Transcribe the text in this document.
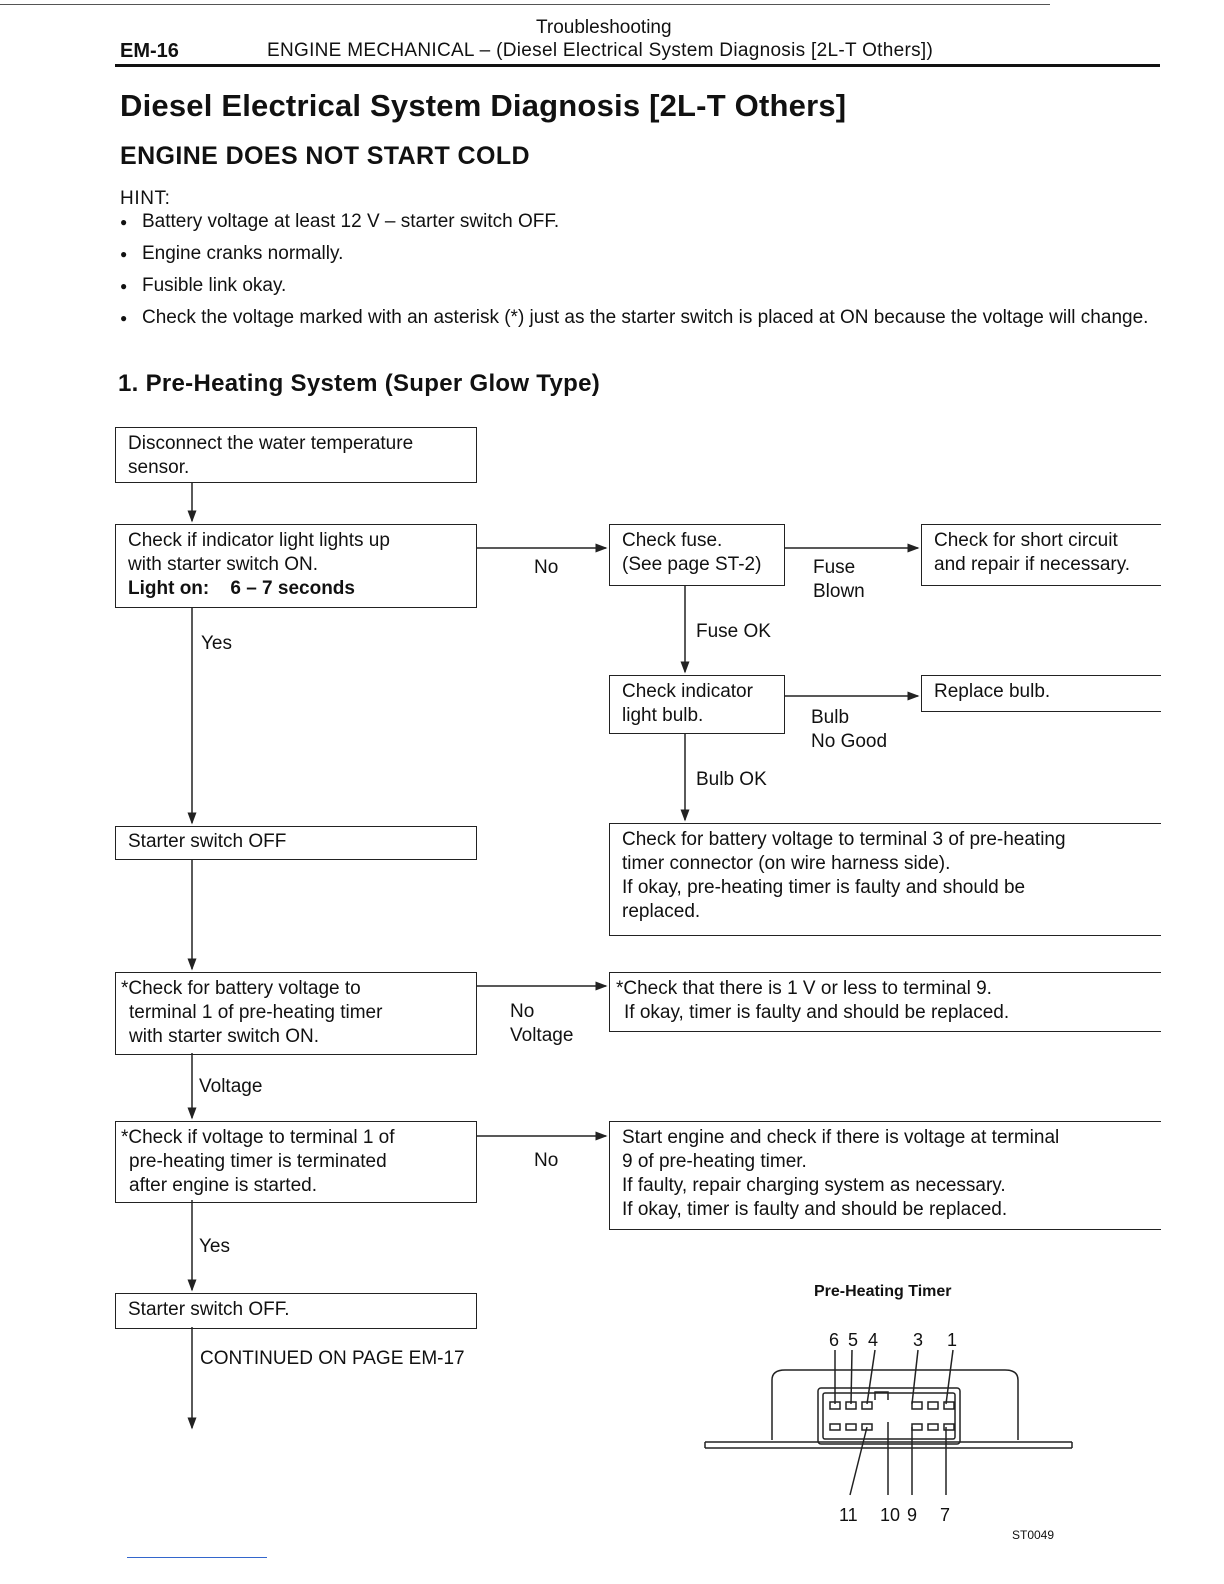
Troubleshooting
EM-16	ENGINE MECHANICAL – (Diesel Electrical System Diagnosis [2L-T Others])
Diesel Electrical System Diagnosis [2L-T Others]
ENGINE DOES NOT START COLD
HINT:
● Battery voltage at least 12 V – starter switch OFF.
● Engine cranks normally.
● Fusible link okay.
● Check the voltage marked with an asterisk (*) just as the starter switch is placed at ON because the voltage will change.
1. Pre-Heating System (Super Glow Type)
Disconnect the water temperature
sensor.
Check if indicator light lights up
with starter switch ON.
Light on:    6 – 7 seconds
Check fuse.
(See page ST-2)
Check for short circuit
and repair if necessary.
Check indicator
light bulb.
Replace bulb.
Starter switch OFF	Check for battery voltage to terminal 3 of pre-heating
timer connector (on wire harness side).
If okay, pre-heating timer is faulty and should be
replaced.
*Check for battery voltage to
terminal 1 of pre-heating timer
with starter switch ON.
*Check that there is 1 V or less to terminal 9.
If okay, timer is faulty and should be replaced.
*Check if voltage to terminal 1 of
pre-heating timer is terminated
after engine is started.
Start engine and check if there is voltage at terminal
9 of pre-heating timer.
If faulty, repair charging system as necessary.
If okay, timer is faulty and should be replaced.
Starter switch OFF.
CONTINUED ON PAGE EM-17
No
Yes
Fuse
Blown
Fuse OK
Bulb
No Good
Bulb OK
No
Voltage
Voltage
No
Yes
Pre-Heating Timer
6 5 4 3 1
11 10 9 7
ST0049
